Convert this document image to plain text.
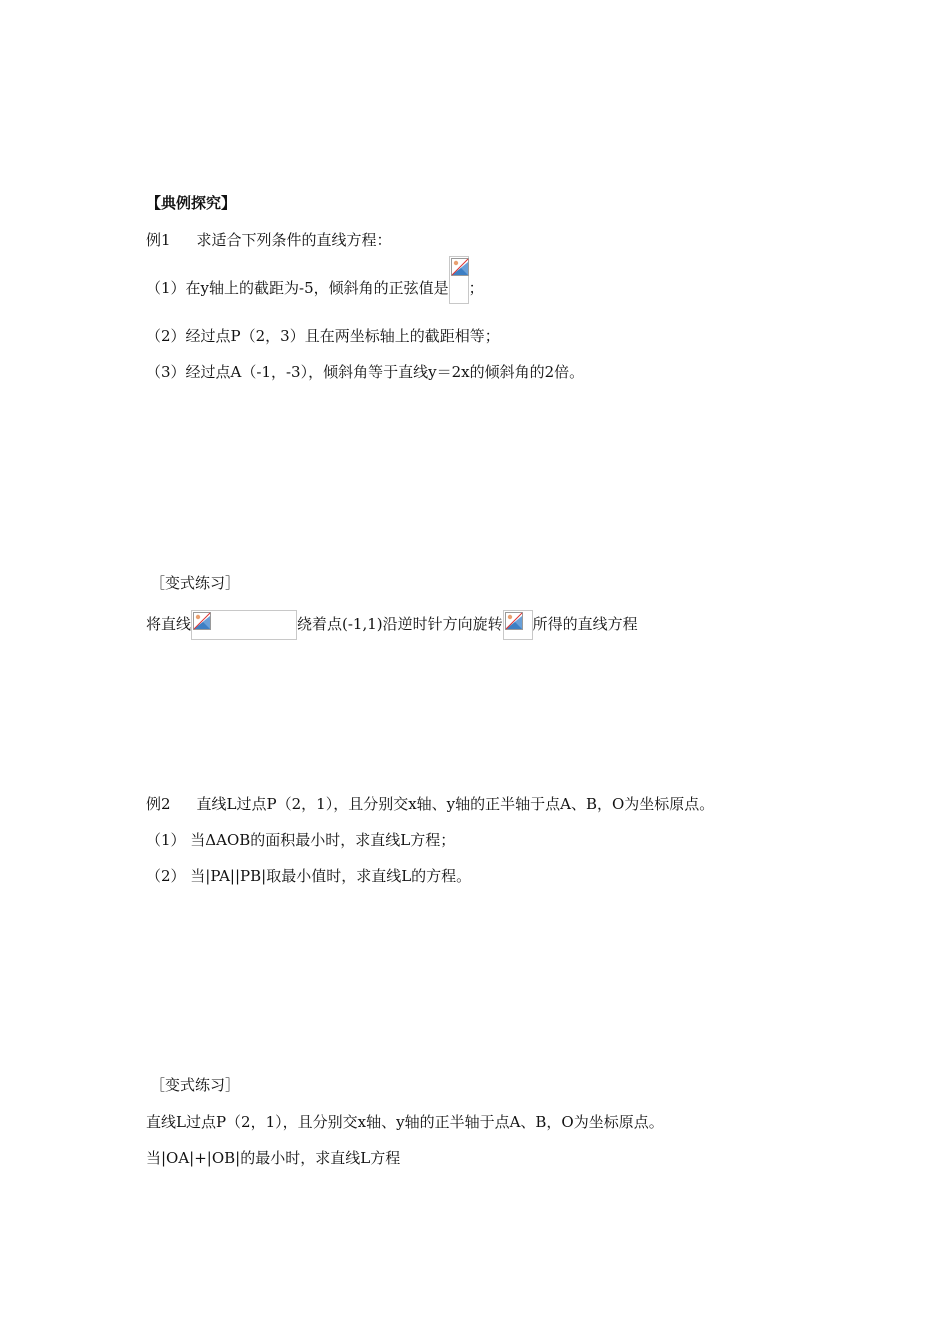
【典例探究】
例1 求适合下列条件的直线方程：
（1）在y轴上的截距为-5，倾斜角的正弦值是 ；
（2）经过点P（2，3）且在两坐标轴上的截距相等；
（3）经过点A（-1，-3），倾斜角等于直线y＝2x的倾斜角的2倍。
［变式练习］
将直线	绕着点(-1,1)沿逆时针方向旋转 所得的直线方程
例2 直线L过点P（2，1），且分别交x轴、y轴的正半轴于点A、B，O为坐标原点。
（1） 当ΔAOB的面积最小时，求直线L方程；
（2） 当|PA||PB|取最小值时，求直线L的方程。
［变式练习］
直线L过点P（2，1），且分别交x轴、y轴的正半轴于点A、B，O为坐标原点。
当|OA|+|OB|的最小时，求直线L方程
